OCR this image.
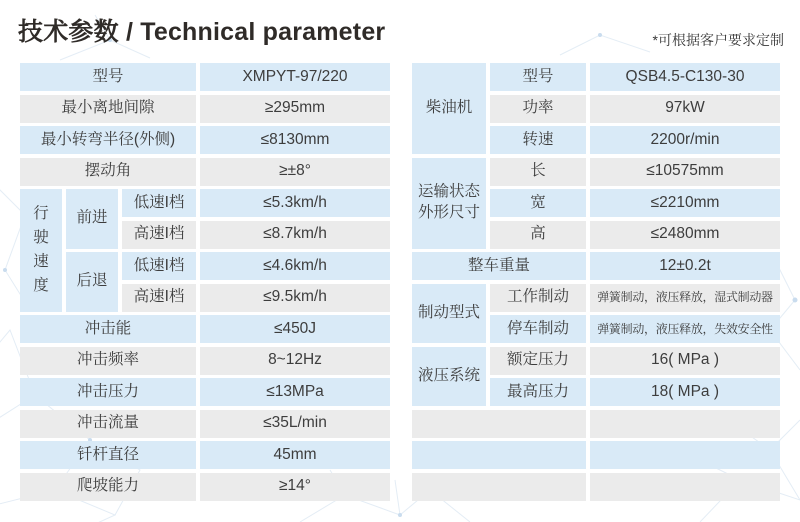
技术参数 / Technical parameter	*可根据客户要求定制
型号	XMPYT-97/220
最小离地间隙	≥295mm
最小转弯半径(外侧)	≤8130mm
摆动角	≥±8°
行驶速度
前进
低速I档	≤5.3km/h
高速I档	≤8.7km/h
后退
低速I档	≤4.6km/h
高速I档	≤9.5km/h
冲击能	≤450J
冲击频率	8~12Hz
冲击压力	≤13MPa
冲击流量	≤35L/min
钎杆直径	45mm
爬坡能力	≥14°
柴油机
型号	QSB4.5-C130-30
功率	97kW
转速	2200r/min
运输状态外形尺寸
长	≤10575mm
宽	≤2210mm
高	≤2480mm
整车重量	12±0.2t
制动型式
工作制动	弹簧制动，液压释放，湿式制动器
停车制动	弹簧制动，液压释放，失效安全性
液压系统
额定压力	16( MPa )
最高压力	18( MPa )
